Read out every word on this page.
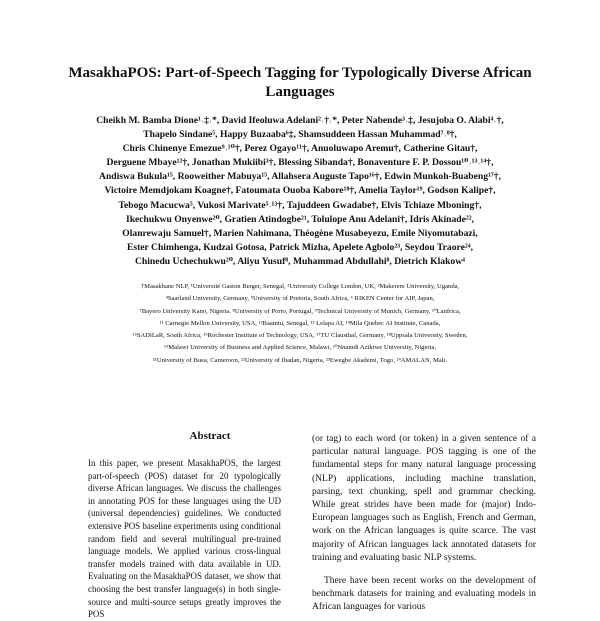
MasakhaPOS: Part-of-Speech Tagging for Typologically Diverse African
Languages
Cheikh M. Bamba Dione¹˒‡˒*, David Ifeoluwa Adelani²˒†˒*, Peter Nabende³˒‡, Jesujoba O. Alabi⁴˒†,
Thapelo Sindane⁵, Happy Buzaaba⁶‡, Shamsuddeen Hassan Muhammad⁷˒⁸†,
Chris Chinenye Emezue⁹˒¹⁰†, Perez Ogayo¹¹†, Anuoluwapo Aremu†, Catherine Gitau†,
Derguene Mbaye¹²†, Jonathan Mukiibi³†, Blessing Sibanda†, Bonaventure F. P. Dossou¹⁰˒¹³˒¹⁴†,
Andiswa Bukula¹⁵, Rooweither Mabuya¹⁵, Allahsera Auguste Tapo¹⁶†, Edwin Munkoh-Buabeng¹⁷†,
Victoire Memdjokam Koagne†, Fatoumata Ouoba Kabore¹⁸†, Amelia Taylor¹⁹, Godson Kalipe†,
Tebogo Macucwa⁵, Vukosi Marivate⁵˒¹³†, Tajuddeen Gwadabe†, Elvis Tchiaze Mboning†,
Ikechukwu Onyenwe²⁰, Gratien Atindogbe²¹, Tolulope Anu Adelani†, Idris Akinade²²,
Olanrewaju Samuel†, Marien Nahimana, Théogène Musabeyezu, Emile Niyomutabazi,
Ester Chimhenga, Kudzai Gotosa, Patrick Mizha, Apelete Agbolo²³, Seydou Traore²⁴,
Chinedu Uchechukwu²⁰, Aliyu Yusuf⁸, Muhammad Abdullahi⁸, Dietrich Klakow⁴
†Masakhane NLP, ¹Université Gaston Berger, Senegal, ²University College London, UK, ³Makerere University, Uganda,
⁴Saarland University, Germany, ⁵University of Pretoria, South Africa, ⁶ RIKEN Center for AIP, Japan,
⁷Bayero University Kano, Nigeria. ⁸University of Porto, Portugal, ⁹Technical University of Munich, Germany, ¹⁰Lanfrica,
¹¹ Carnegie Mellon University, USA, ¹²Baamtu, Senegal, ¹³ Lelapa AI, ¹⁴Mila Quebec AI Institute, Canada,
¹⁵SADiLaR, South Africa, ¹⁶Rochester Institute of Technology, USA, ¹⁷TU Clausthal, Germany, ¹⁸Uppsala University, Sweden,
¹⁹Malawi University of Business and Applied Science, Malawi, ²⁰Nnamdi Azikiwe University, Nigeria,
²¹University of Buea, Cameroon, ²²University of Ibadan, Nigeria, ²³Ewegbe Akademi, Togo, ²⁴AMALAN, Mali.
Abstract
In this paper, we present MasakhaPOS, the largest part-of-speech (POS) dataset for 20 typologically diverse African languages. We discuss the challenges in annotating POS for these languages using the UD (universal dependencies) guidelines. We conducted extensive POS baseline experiments using conditional random field and several multilingual pre-trained language models. We applied various cross-lingual transfer models trained with data available in UD. Evaluating on the MasakhaPOS dataset, we show that choosing the best transfer language(s) in both single-source and multi-source setups greatly improves the POS

(or tag) to each word (or token) in a given sentence of a particular natural language. POS tagging is one of the fundamental steps for many natural language processing (NLP) applications, including machine translation, parsing, text chunking, spell and grammar checking. While great strides have been made for (major) Indo-European languages such as English, French and German, work on the African languages is quite scarce. The vast majority of African languages lack annotated datasets for training and evaluating basic NLP systems.

There have been recent works on the development of benchmark datasets for training and evaluating models in African languages for various
